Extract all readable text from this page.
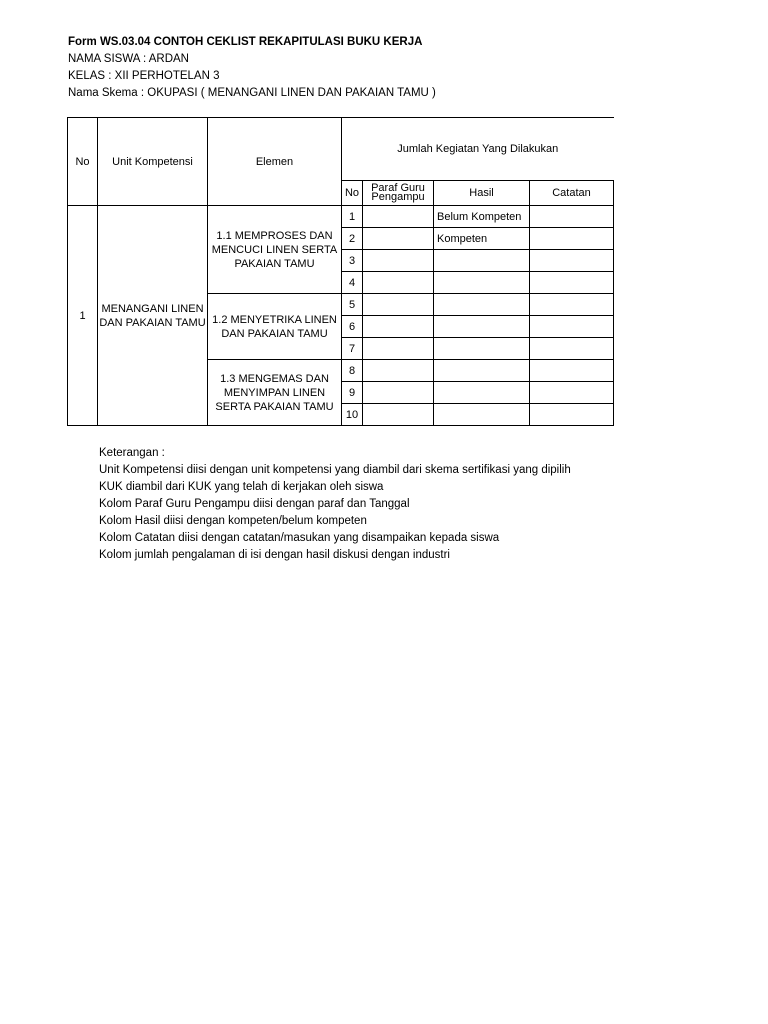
Form WS.03.04 CONTOH CEKLIST REKAPITULASI BUKU KERJA
NAMA SISWA : ARDAN
KELAS : XII PERHOTELAN 3
Nama Skema : OKUPASI ( MENANGANI LINEN DAN PAKAIAN TAMU )
No	Unit Kompetensi	Elemen	Jumlah Kegiatan Yang Dilakukan			
			No	Paraf Guru Pengampu	Hasil	Catatan
1	MENANGANI LINEN DAN PAKAIAN TAMU	1.1 MEMPROSES DAN MENCUCI LINEN SERTA PAKAIAN TAMU	1		Belum Kompeten	
			2		Kompeten	
			3			
			4			
		1.2 MENYETRIKA LINEN DAN PAKAIAN TAMU	5			
			6			
			7			
		1.3 MENGEMAS DAN MENYIMPAN LINEN SERTA PAKAIAN TAMU	8			
			9			
			10			
Keterangan :
Unit Kompetensi diisi dengan unit kompetensi yang diambil dari skema sertifikasi yang dipilih
KUK diambil dari KUK yang telah di kerjakan oleh siswa
Kolom Paraf Guru Pengampu diisi dengan paraf dan Tanggal
Kolom Hasil diisi dengan kompeten/belum kompeten
Kolom Catatan diisi dengan catatan/masukan yang disampaikan kepada siswa
Kolom jumlah pengalaman di isi dengan hasil diskusi dengan industri
